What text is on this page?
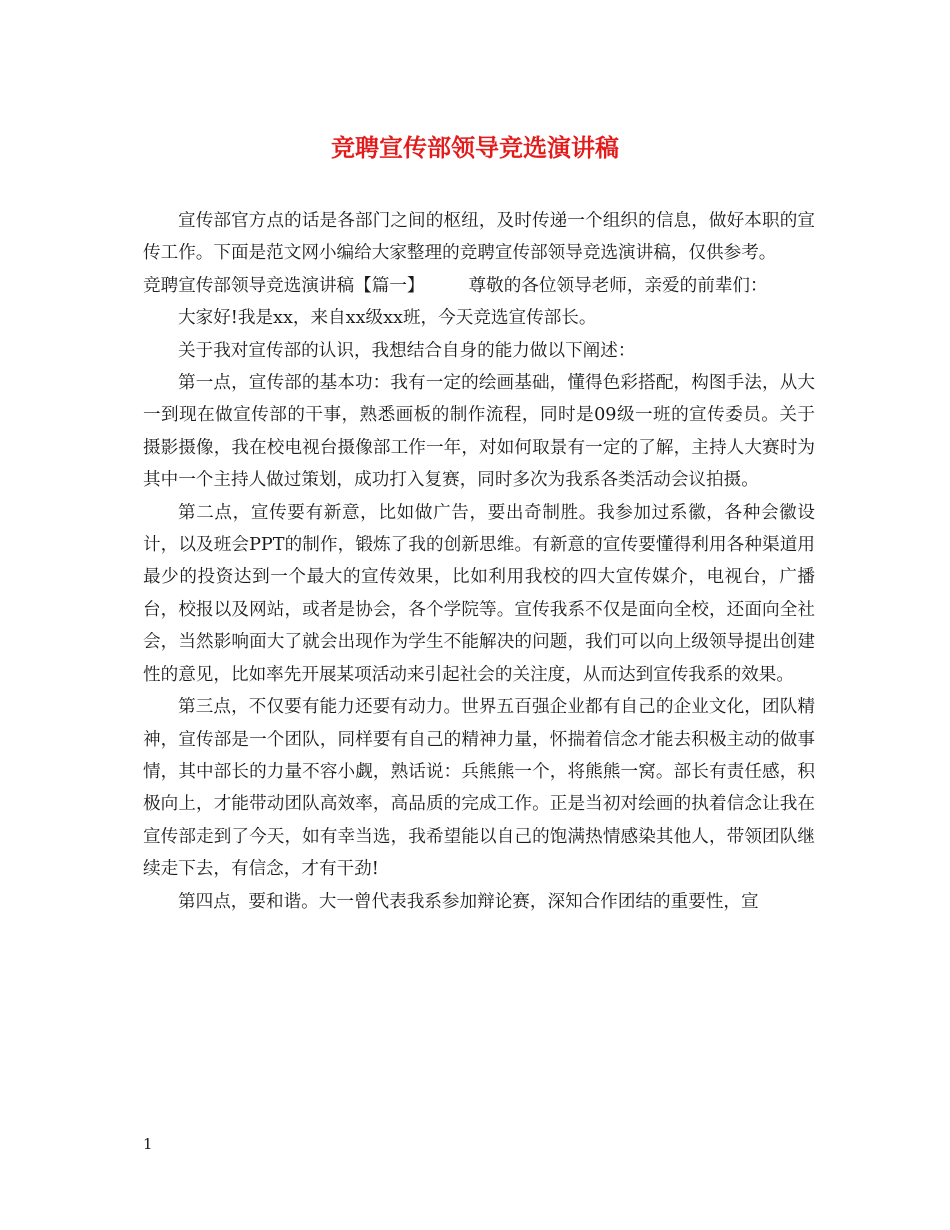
竞聘宣传部领导竞选演讲稿

宣传部官方点的话是各部门之间的枢纽，及时传递一个组织的信息，做好本职的宣传工作。下面是范文网小编给大家整理的竞聘宣传部领导竞选演讲稿，仅供参考。

竞聘宣传部领导竞选演讲稿【篇一】	尊敬的各位领导老师，亲爱的前辈们：

大家好!我是xx，来自xx级xx班，今天竞选宣传部长。

关于我对宣传部的认识，我想结合自身的能力做以下阐述：

第一点，宣传部的基本功：我有一定的绘画基础，懂得色彩搭配，构图手法，从大一到现在做宣传部的干事，熟悉画板的制作流程，同时是09级一班的宣传委员。关于摄影摄像，我在校电视台摄像部工作一年，对如何取景有一定的了解，主持人大赛时为其中一个主持人做过策划，成功打入复赛，同时多次为我系各类活动会议拍摄。

第二点，宣传要有新意，比如做广告，要出奇制胜。我参加过系徽，各种会徽设计，以及班会PPT的制作，锻炼了我的创新思维。有新意的宣传要懂得利用各种渠道用最少的投资达到一个最大的宣传效果，比如利用我校的四大宣传媒介，电视台，广播台，校报以及网站，或者是协会，各个学院等。宣传我系不仅是面向全校，还面向全社会，当然影响面大了就会出现作为学生不能解决的问题，我们可以向上级领导提出创建性的意见，比如率先开展某项活动来引起社会的关注度，从而达到宣传我系的效果。

第三点，不仅要有能力还要有动力。世界五百强企业都有自己的企业文化，团队精神，宣传部是一个团队，同样要有自己的精神力量，怀揣着信念才能去积极主动的做事情，其中部长的力量不容小觑，熟话说：兵熊熊一个，将熊熊一窝。部长有责任感，积极向上，才能带动团队高效率，高品质的完成工作。正是当初对绘画的执着信念让我在宣传部走到了今天，如有幸当选，我希望能以自己的饱满热情感染其他人，带领团队继续走下去，有信念，才有干劲!

第四点，要和谐。大一曾代表我系参加辩论赛，深知合作团结的重要性，宣

1
